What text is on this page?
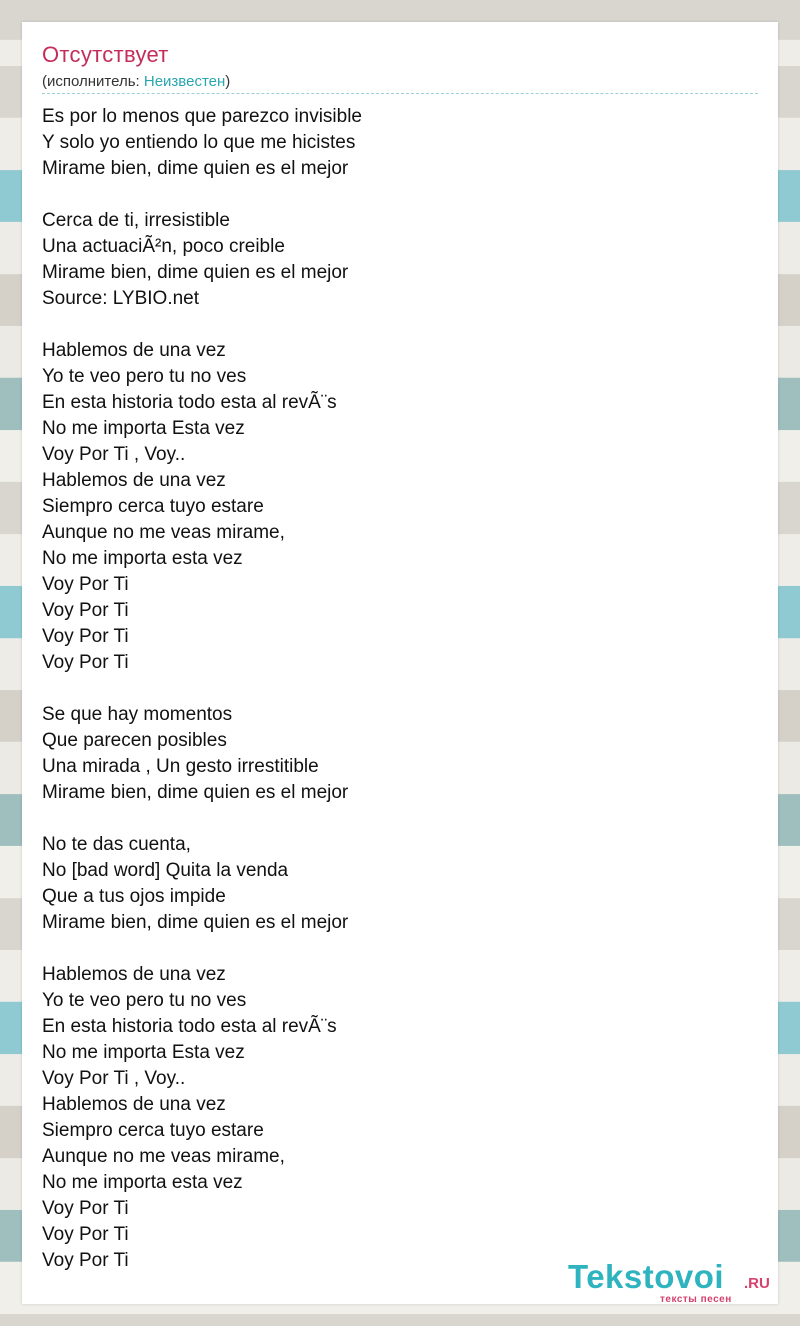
Отсутствует
(исполнитель: Неизвестен)
Es por lo menos que parezco invisible
Y solo yo entiendo lo que me hicistes
Mirame bien, dime quien es el mejor
Cerca de ti, irresistible
Una actuaciÃ²n, poco creible
Mirame bien, dime quien es el mejor
Source: LYBIO.net
Hablemos de una vez
Yo te veo pero tu no ves
En esta historia todo esta al revÃ¨s
No me importa Esta vez
Voy Por Ti , Voy..
Hablemos de una vez
Siempro cerca tuyo estare
Aunque no me veas mirame,
No me importa esta vez
Voy Por Ti
Voy Por Ti
Voy Por Ti
Voy Por Ti
Se que hay momentos
Que parecen posibles
Una mirada , Un gesto irrestitible
Mirame bien, dime quien es el mejor
No te das cuenta,
No [bad word] Quita la venda
Que a tus ojos impide
Mirame bien, dime quien es el mejor
Hablemos de una vez
Yo te veo pero tu no ves
En esta historia todo esta al revÃ¨s
No me importa Esta vez
Voy Por Ti , Voy..
Hablemos de una vez
Siempro cerca tuyo estare
Aunque no me veas mirame,
No me importa esta vez
Voy Por Ti
Voy Por Ti
Voy Por Ti	Tekstovoi .RU
тексты песен
